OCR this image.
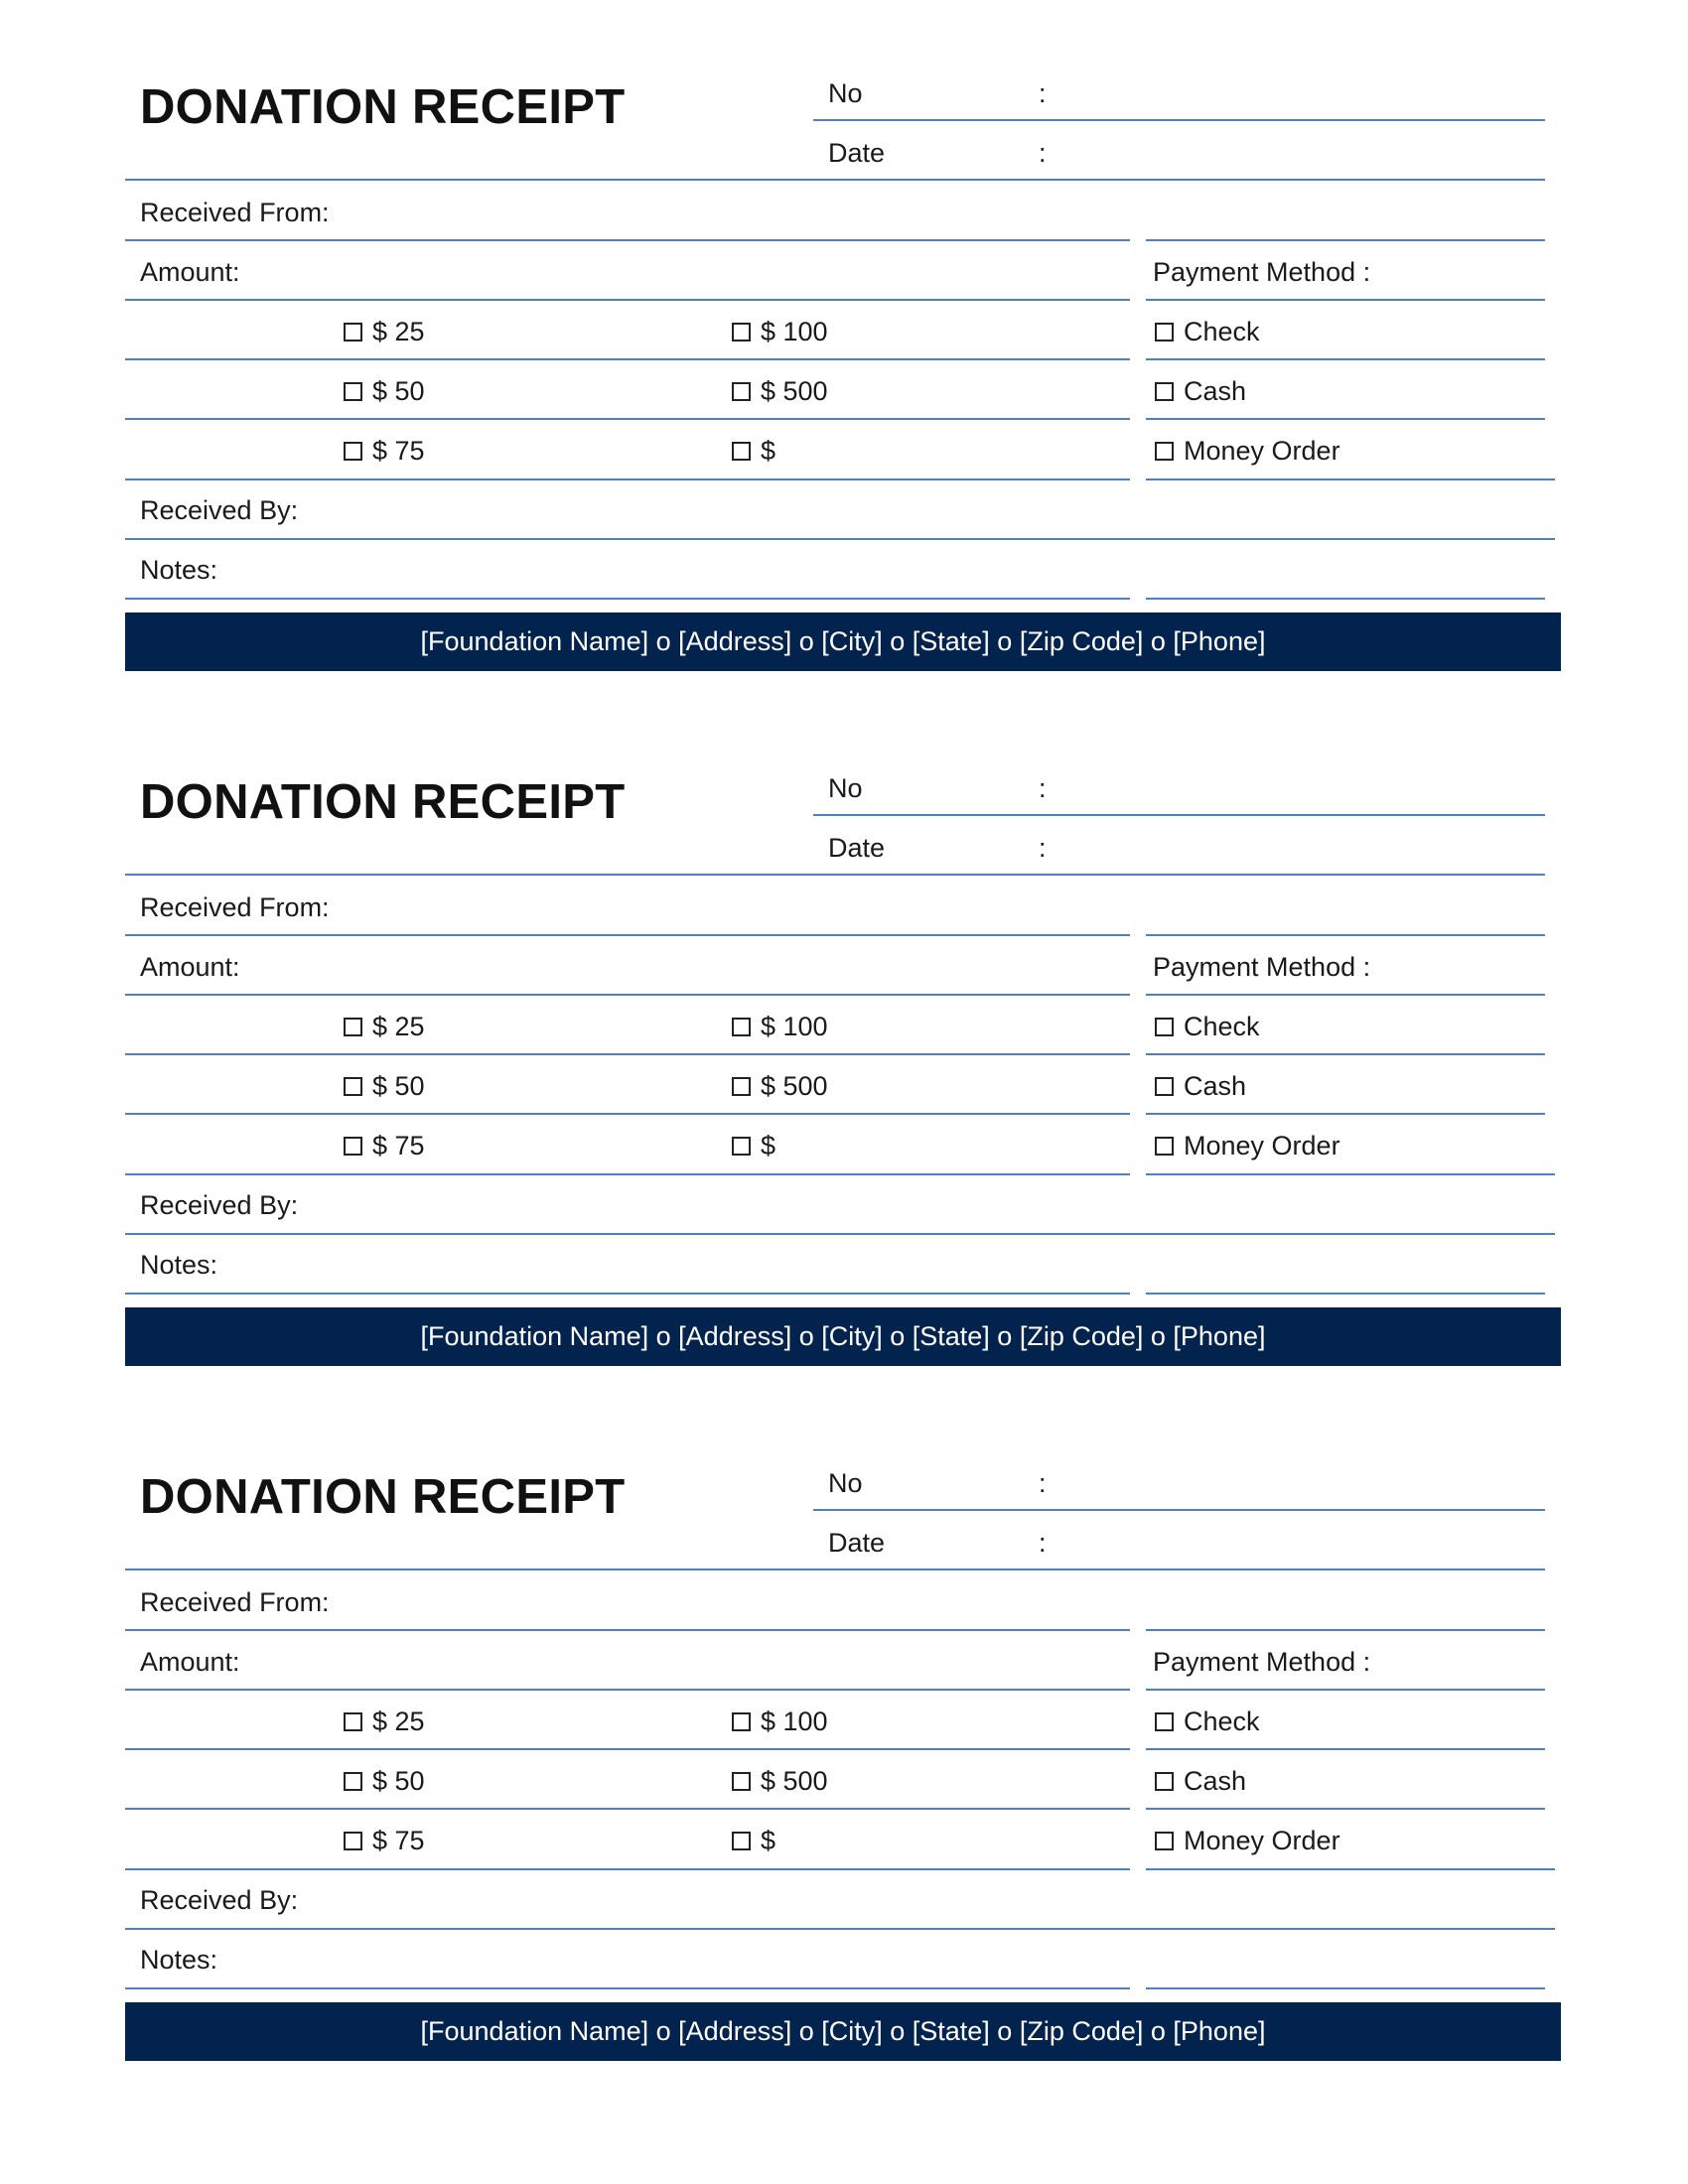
DONATION RECEIPT	No	:
Date	:
Received From:
Amount:	Payment Method :
$ 25	$ 100	Check
$ 50	$ 500	Cash
$ 75	$	Money Order
Received By:
Notes:
[Foundation Name] o [Address] o [City] o [State] o [Zip Code] o [Phone]
DONATION RECEIPT	No	:
Date	:
Received From:
Amount:	Payment Method :
$ 25	$ 100	Check
$ 50	$ 500	Cash
$ 75	$	Money Order
Received By:
Notes:
[Foundation Name] o [Address] o [City] o [State] o [Zip Code] o [Phone]
DONATION RECEIPT	No	:
Date	:
Received From:
Amount:	Payment Method :
$ 25	$ 100	Check
$ 50	$ 500	Cash
$ 75	$	Money Order
Received By:
Notes:
[Foundation Name] o [Address] o [City] o [State] o [Zip Code] o [Phone]
